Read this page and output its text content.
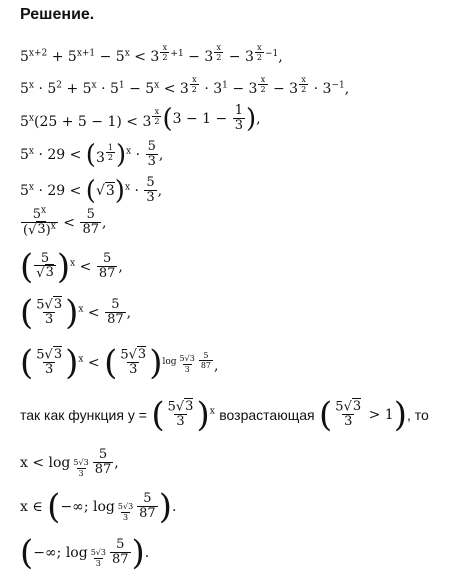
Решение.
$5^{x+2} + 5^{x+1} - 5^x < 3$ $^{\frac{x}{2} +1}$ − 3 $^{\frac{x}{2}}$ − 3 $^{\frac{x}{2} -1}$,
$5^x \cdot 5^2 + 5^x \cdot 5^1 - 5^x < 3$ $^{\frac{x}{2}} \cdot 3^1 - 3$ $^{\frac{x}{2}}$ − 3 $^{\frac{x}{2}} \cdot 3^{-1}$,
$5^x(25 + 5 - 1) < 3$ $^{\frac{x}{2}}$ ($3 - 1 - \frac{1}{3}$ ),
$5^x \cdot 29 < (3$ $^{\frac{1}{2}}$ )$^x \cdot \frac{5}{3}$ ,
$5^x \cdot 29 < (√3)^x \cdot \frac{5}{3}$ ,
$\frac{5^x}{(√3)^x} < \frac{5}{87}$ ,
( $\frac{5}{√3} )^x < \frac{5}{87}$ ,
( $\frac{5√3}{3} )^x < \frac{5}{87}$ ,
( $\frac{5√3}{3} )^x$ < ( $\frac{5√3}{3} )^{log _{\frac{5√3}{3}} \frac{5}{87}}$ ,
так как функция y = ( $\frac{5√3}{3} )^x$ возрастающая ( $\frac{5√3}{3} > 1$), то
$x < \log _{\frac{5√3}{3}} \frac{5}{87}$ ,
x ∈ (−∞; $\log _{\frac{5√3}{3}} \frac{5}{87}$ ).
(−∞; $\log _{\frac{5√3}{3}} \frac{5}{87}$ ).
